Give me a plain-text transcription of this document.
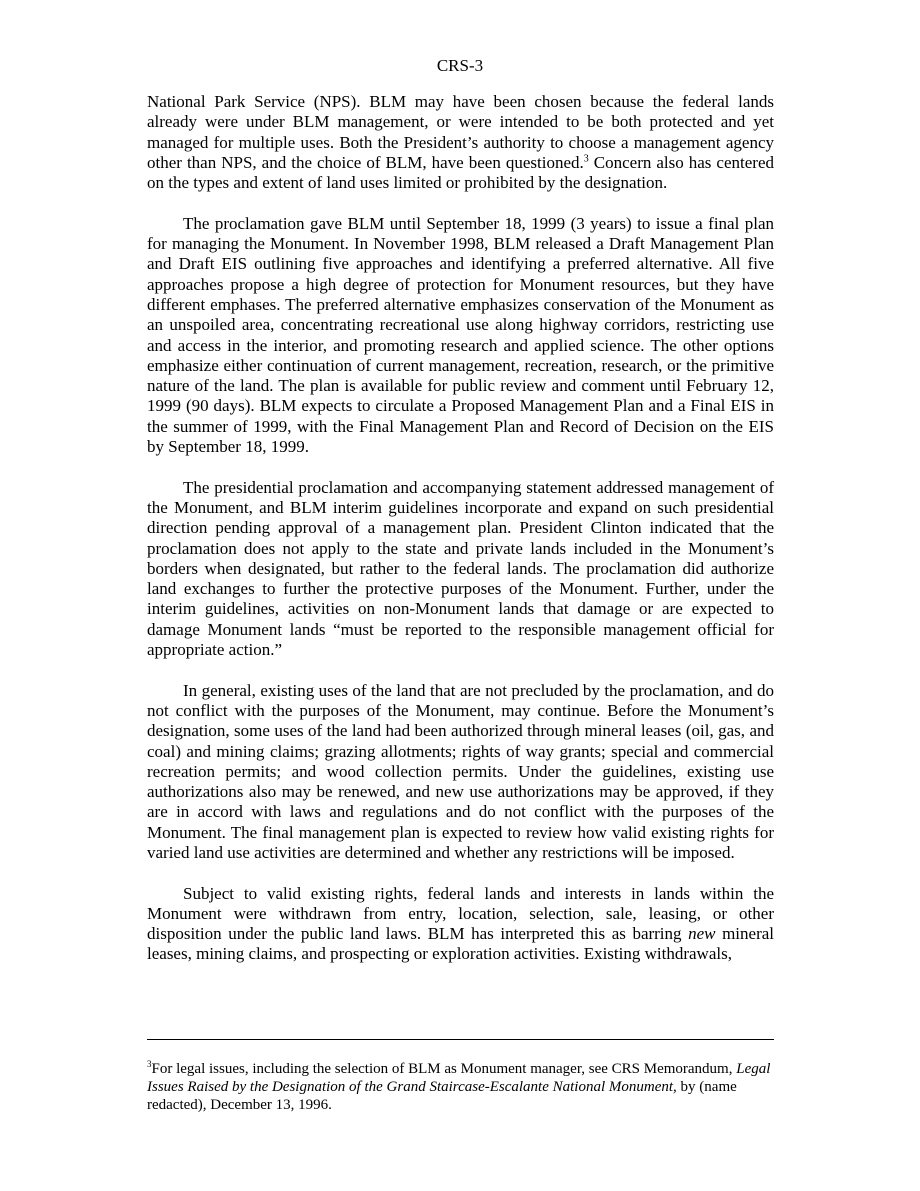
CRS-3

National Park Service (NPS). BLM may have been chosen because the federal lands already were under BLM management, or were intended to be both protected and yet managed for multiple uses. Both the President’s authority to choose a management agency other than NPS, and the choice of BLM, have been questioned.$^3$ Concern also has centered on the types and extent of land uses limited or prohibited by the designation.

The proclamation gave BLM until September 18, 1999 (3 years) to issue a final plan for managing the Monument. In November 1998, BLM released a Draft Management Plan and Draft EIS outlining five approaches and identifying a preferred alternative. All five approaches propose a high degree of protection for Monument resources, but they have different emphases. The preferred alternative emphasizes conservation of the Monument as an unspoiled area, concentrating recreational use along highway corridors, restricting use and access in the interior, and promoting research and applied science. The other options emphasize either continuation of current management, recreation, research, or the primitive nature of the land. The plan is available for public review and comment until February 12, 1999 (90 days). BLM expects to circulate a Proposed Management Plan and a Final EIS in the summer of 1999, with the Final Management Plan and Record of Decision on the EIS by September 18, 1999.

The presidential proclamation and accompanying statement addressed management of the Monument, and BLM interim guidelines incorporate and expand on such presidential direction pending approval of a management plan. President Clinton indicated that the proclamation does not apply to the state and private lands included in the Monument’s borders when designated, but rather to the federal lands. The proclamation did authorize land exchanges to further the protective purposes of the Monument. Further, under the interim guidelines, activities on non-Monument lands that damage or are expected to damage Monument lands “must be reported to the responsible management official for appropriate action.”

In general, existing uses of the land that are not precluded by the proclamation, and do not conflict with the purposes of the Monument, may continue. Before the Monument’s designation, some uses of the land had been authorized through mineral leases (oil, gas, and coal) and mining claims; grazing allotments; rights of way grants; special and commercial recreation permits; and wood collection permits. Under the guidelines, existing use authorizations also may be renewed, and new use authorizations may be approved, if they are in accord with laws and regulations and do not conflict with the purposes of the Monument. The final management plan is expected to review how valid existing rights for varied land use activities are determined and whether any restrictions will be imposed.

Subject to valid existing rights, federal lands and interests in lands within the Monument were withdrawn from entry, location, selection, sale, leasing, or other disposition under the public land laws. BLM has interpreted this as barring new mineral leases, mining claims, and prospecting or exploration activities. Existing withdrawals,

$^3$For legal issues, including the selection of BLM as Monument manager, see CRS Memorandum, Legal Issues Raised by the Designation of the Grand Staircase-Escalante National Monument, by (name redacted), December 13, 1996.
